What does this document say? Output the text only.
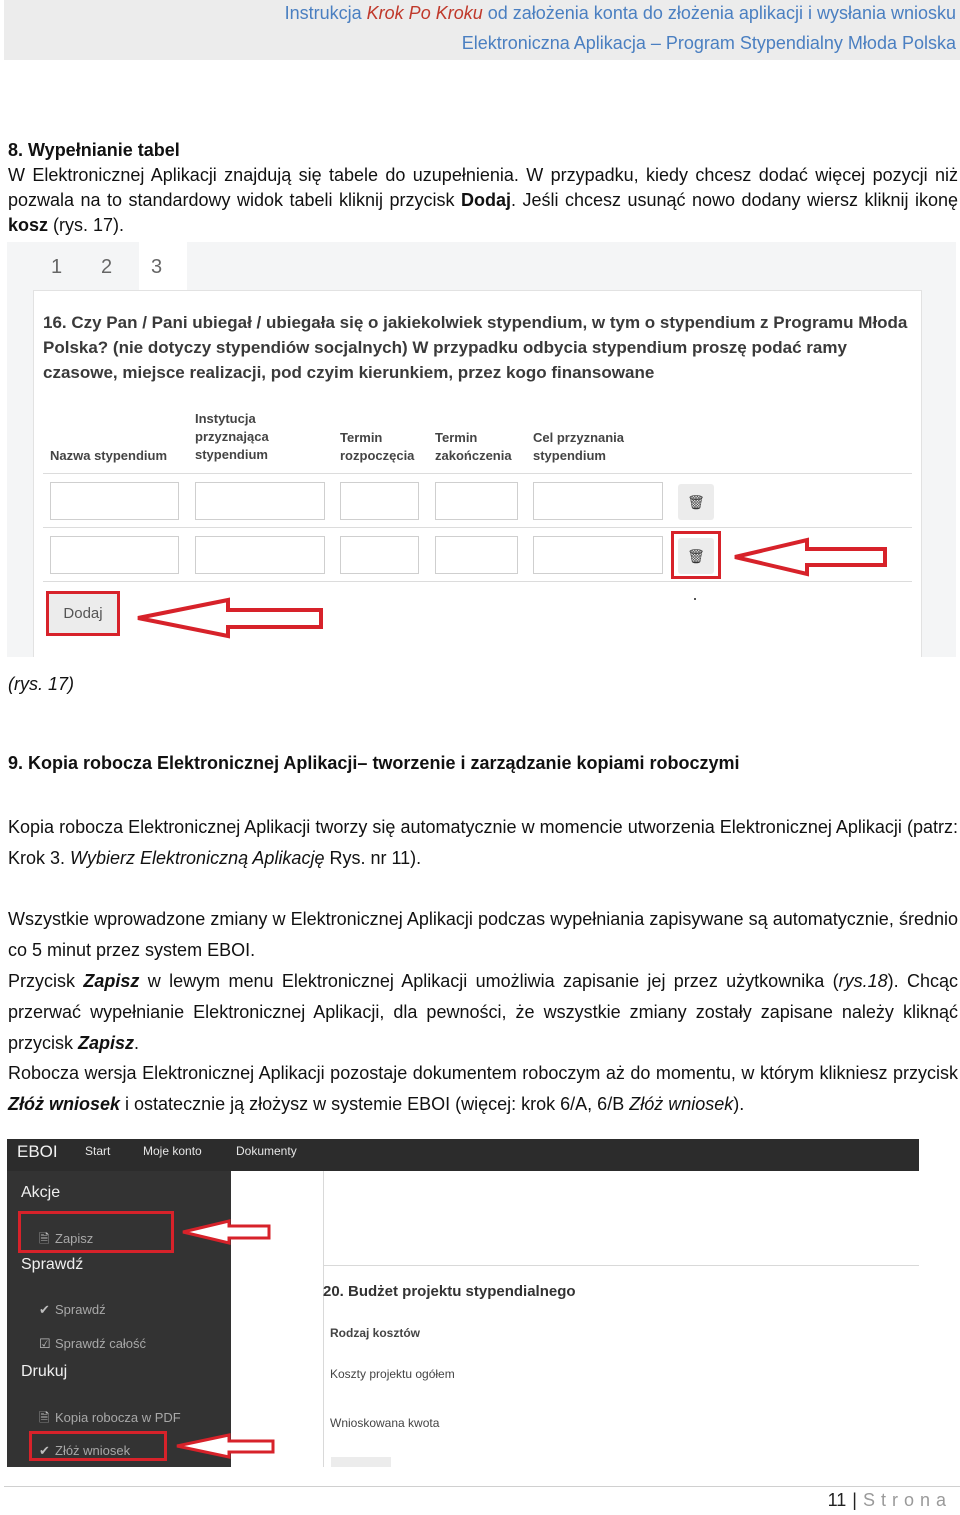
Instrukcja Krok Po Kroku od założenia konta do złożenia aplikacji i wysłania wniosku
Elektroniczna Aplikacja – Program Stypendialny Młoda Polska
8. Wypełnianie tabel
W Elektronicznej Aplikacji znajdują się tabele do uzupełnienia. W przypadku, kiedy chcesz dodać więcej pozycji niż pozwala na to standardowy widok tabeli kliknij przycisk Dodaj. Jeśli chcesz usunąć nowo dodany wiersz kliknij ikonę kosz (rys. 17).
1 2 3
16. Czy Pan / Pani ubiegał / ubiegała się o jakiekolwiek stypendium, w tym o stypendium z Programu Młoda Polska? (nie dotyczy stypendiów socjalnych) W przypadku odbycia stypendium proszę podać ramy czasowe, miejsce realizacji, pod czyim kierunkiem, przez kogo finansowane
Nazwa stypendium
Instytucja
przyznająca
stypendium
Termin
rozpoczęcia
Termin
zakończenia
Cel przyznania
stypendium
🗑
🗑
Dodaj
(rys. 17)
9. Kopia robocza Elektronicznej Aplikacji– tworzenie i zarządzanie kopiami roboczymi
Kopia robocza Elektronicznej Aplikacji tworzy się automatycznie w momencie utworzenia Elektronicznej Aplikacji (patrz: Krok 3. Wybierz Elektroniczną Aplikację Rys. nr 11).
Wszystkie wprowadzone zmiany w Elektronicznej Aplikacji podczas wypełniania zapisywane są automatycznie, średnio co 5 minut przez system EBOI.
Przycisk Zapisz w lewym menu Elektronicznej Aplikacji umożliwia zapisanie jej przez użytkownika (rys.18). Chcąc przerwać wypełnianie Elektronicznej Aplikacji, dla pewności, że wszystkie zmiany zostały zapisane należy kliknąć przycisk Zapisz.
Robocza wersja Elektronicznej Aplikacji pozostaje dokumentem roboczym aż do momentu, w którym klikniesz przycisk Złóż wniosek i ostatecznie ją złożysz w systemie EBOI (więcej: krok 6/A, 6/B Złóż wniosek).
EBOI Start	Moje konto	Dokumenty
Akcje
🗎 Zapisz
Sprawdź
✔ Sprawdź
☑ Sprawdź całość
Drukuj
🗎 Kopia robocza w PDF
✔ Złóż wniosek
20. Budżet projektu stypendialnego
Rodzaj kosztów
Koszty projektu ogółem
Wnioskowana kwota
11 | Strona
